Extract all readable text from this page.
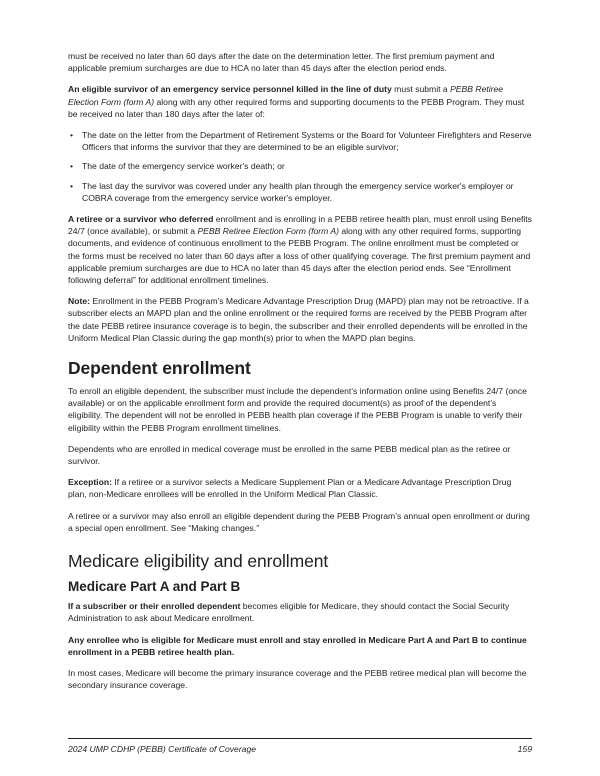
must be received no later than 60 days after the date on the determination letter. The first premium payment and applicable premium surcharges are due to HCA no later than 45 days after the election period ends.

An eligible survivor of an emergency service personnel killed in the line of duty must submit a PEBB Retiree Election Form (form A) along with any other required forms and supporting documents to the PEBB Program. They must be received no later than 180 days after the later of:

• The date on the letter from the Department of Retirement Systems or the Board for Volunteer Firefighters and Reserve Officers that informs the survivor that they are determined to be an eligible survivor;
• The date of the emergency service worker's death; or
• The last day the survivor was covered under any health plan through the emergency service worker's employer or COBRA coverage from the emergency service worker's employer.

A retiree or a survivor who deferred enrollment and is enrolling in a PEBB retiree health plan, must enroll using Benefits 24/7 (once available), or submit a PEBB Retiree Election Form (form A) along with any other required forms, supporting documents, and evidence of continuous enrollment to the PEBB Program. The online enrollment must be completed or the forms must be received no later than 60 days after a loss of other qualifying coverage. The first premium payment and applicable premium surcharges are due to HCA no later than 45 days after the election period ends. See “Enrollment following deferral” for additional enrollment timelines.

Note: Enrollment in the PEBB Program’s Medicare Advantage Prescription Drug (MAPD) plan may not be retroactive. If a subscriber elects an MAPD plan and the online enrollment or the required forms are received by the PEBB Program after the date PEBB retiree insurance coverage is to begin, the subscriber and their enrolled dependents will be enrolled in the Uniform Medical Plan Classic during the gap month(s) prior to when the MAPD plan begins.

Dependent enrollment

To enroll an eligible dependent, the subscriber must include the dependent’s information online using Benefits 24/7 (once available) or on the applicable enrollment form and provide the required document(s) as proof of the dependent’s eligibility. The dependent will not be enrolled in PEBB health plan coverage if the PEBB Program is unable to verify their eligibility within the PEBB Program enrollment timelines.

Dependents who are enrolled in medical coverage must be enrolled in the same PEBB medical plan as the retiree or survivor.

Exception: If a retiree or a survivor selects a Medicare Supplement Plan or a Medicare Advantage Prescription Drug plan, non-Medicare enrollees will be enrolled in the Uniform Medical Plan Classic.

A retiree or a survivor may also enroll an eligible dependent during the PEBB Program’s annual open enrollment or during a special open enrollment. See “Making changes.”

Medicare eligibility and enrollment
Medicare Part A and Part B

If a subscriber or their enrolled dependent becomes eligible for Medicare, they should contact the Social Security Administration to ask about Medicare enrollment.

Any enrollee who is eligible for Medicare must enroll and stay enrolled in Medicare Part A and Part B to continue enrollment in a PEBB retiree health plan.

In most cases, Medicare will become the primary insurance coverage and the PEBB retiree medical plan will become the secondary insurance coverage.

2024 UMP CDHP (PEBB) Certificate of Coverage	159
